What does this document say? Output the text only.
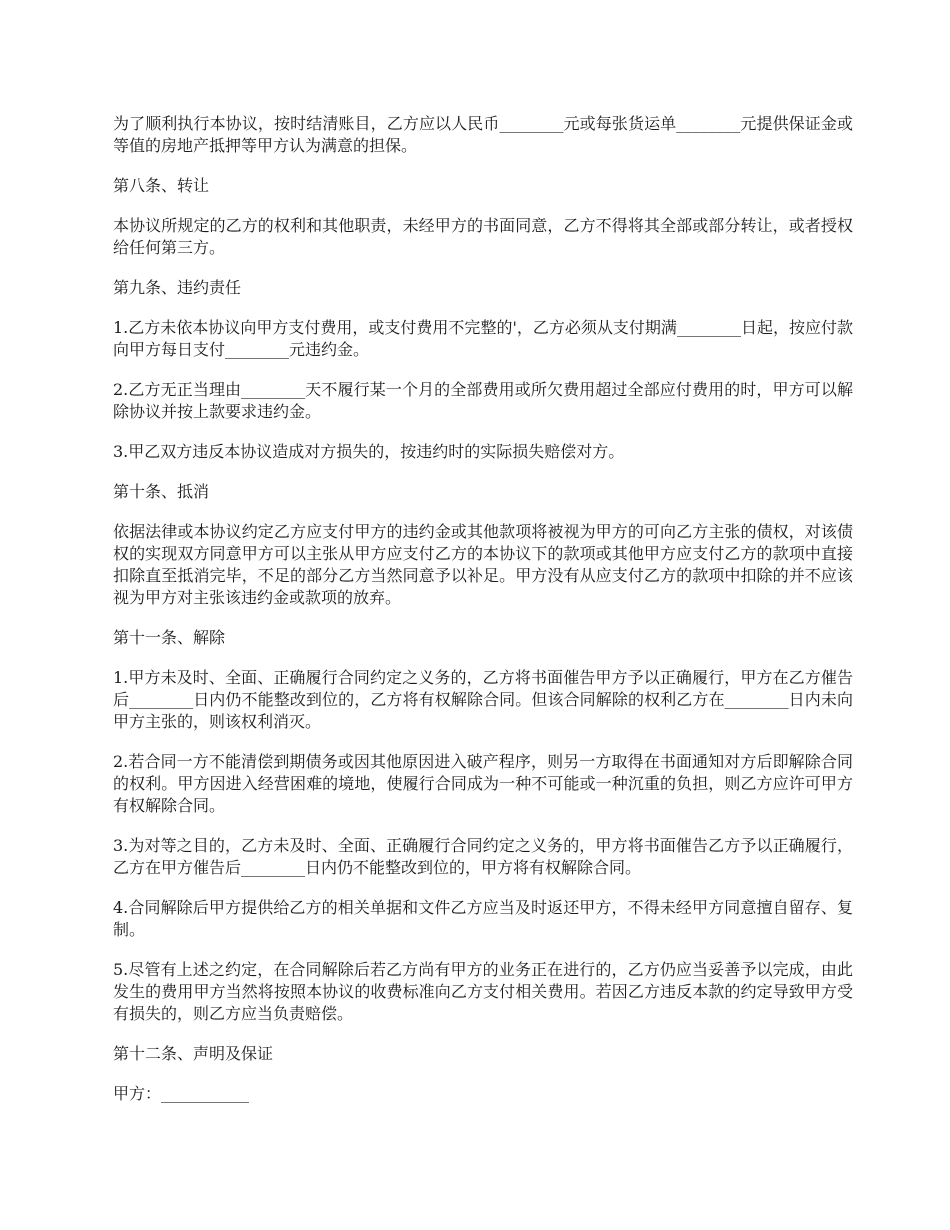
为了顺利执行本协议，按时结清账目，乙方应以人民币________元或每张货运单________元提供保证金或等值的房地产抵押等甲方认为满意的担保。

第八条、转让

本协议所规定的乙方的权利和其他职责，未经甲方的书面同意，乙方不得将其全部或部分转让，或者授权给任何第三方。

第九条、违约责任

1.乙方未依本协议向甲方支付费用，或支付费用不完整的'，乙方必须从支付期满________日起，按应付款向甲方每日支付________元违约金。

2.乙方无正当理由________天不履行某一个月的全部费用或所欠费用超过全部应付费用的时，甲方可以解除协议并按上款要求违约金。

3.甲乙双方违反本协议造成对方损失的，按违约时的实际损失赔偿对方。

第十条、抵消

依据法律或本协议约定乙方应支付甲方的违约金或其他款项将被视为甲方的可向乙方主张的债权，对该债权的实现双方同意甲方可以主张从甲方应支付乙方的本协议下的款项或其他甲方应支付乙方的款项中直接扣除直至抵消完毕，不足的部分乙方当然同意予以补足。甲方没有从应支付乙方的款项中扣除的并不应该视为甲方对主张该违约金或款项的放弃。

第十一条、解除

1.甲方未及时、全面、正确履行合同约定之义务的，乙方将书面催告甲方予以正确履行，甲方在乙方催告后________日内仍不能整改到位的，乙方将有权解除合同。但该合同解除的权利乙方在________日内未向甲方主张的，则该权利消灭。

2.若合同一方不能清偿到期债务或因其他原因进入破产程序，则另一方取得在书面通知对方后即解除合同的权利。甲方因进入经营困难的境地，使履行合同成为一种不可能或一种沉重的负担，则乙方应许可甲方有权解除合同。

3.为对等之目的，乙方未及时、全面、正确履行合同约定之义务的，甲方将书面催告乙方予以正确履行，乙方在甲方催告后________日内仍不能整改到位的，甲方将有权解除合同。

4.合同解除后甲方提供给乙方的相关单据和文件乙方应当及时返还甲方，不得未经甲方同意擅自留存、复制。

5.尽管有上述之约定，在合同解除后若乙方尚有甲方的业务正在进行的，乙方仍应当妥善予以完成，由此发生的费用甲方当然将按照本协议的收费标准向乙方支付相关费用。若因乙方违反本款的约定导致甲方受有损失的，则乙方应当负责赔偿。

第十二条、声明及保证

甲方：___________
